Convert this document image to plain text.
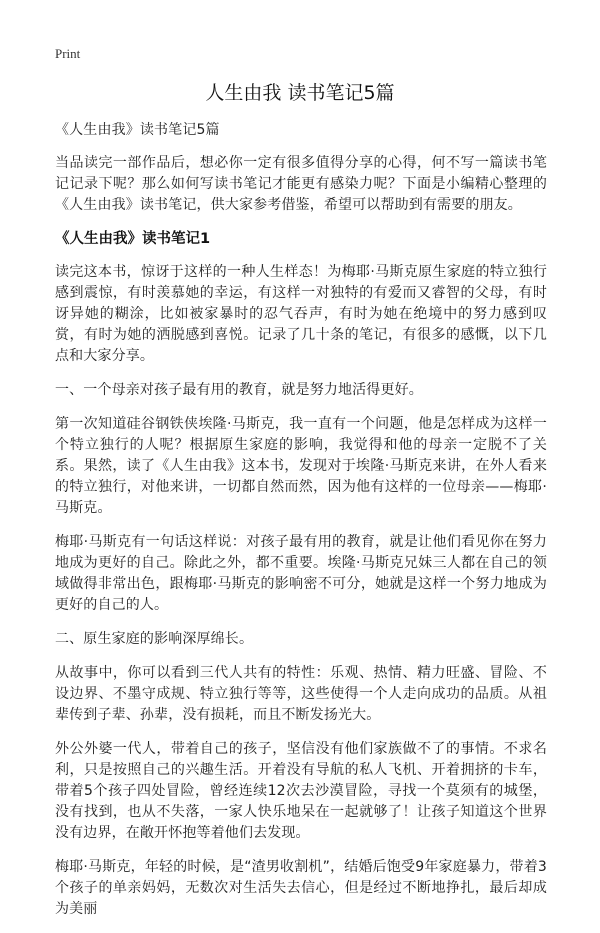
Print
人生由我 读书笔记5篇

《人生由我》读书笔记5篇

当品读完一部作品后，想必你一定有很多值得分享的心得，何不写一篇读书笔记记录下呢？那么如何写读书笔记才能更有感染力呢？下面是小编精心整理的《人生由我》读书笔记，供大家参考借鉴，希望可以帮助到有需要的朋友。

《人生由我》读书笔记1

读完这本书，惊讶于这样的一种人生样态！为梅耶·马斯克原生家庭的特立独行感到震惊，有时羡慕她的幸运，有这样一对独特的有爱而又睿智的父母，有时讶异她的糊涂，比如被家暴时的忍气吞声，有时为她在绝境中的努力感到叹赏，有时为她的洒脱感到喜悦。记录了几十条的笔记，有很多的感慨，以下几点和大家分享。

一、一个母亲对孩子最有用的教育，就是努力地活得更好。

第一次知道硅谷钢铁侠埃隆·马斯克，我一直有一个问题，他是怎样成为这样一个特立独行的人呢？根据原生家庭的影响，我觉得和他的母亲一定脱不了关系。果然，读了《人生由我》这本书，发现对于埃隆·马斯克来讲，在外人看来的特立独行，对他来讲，一切都自然而然，因为他有这样的一位母亲——梅耶·马斯克。

梅耶·马斯克有一句话这样说：对孩子最有用的教育，就是让他们看见你在努力地成为更好的自己。除此之外，都不重要。埃隆·马斯克兄妹三人都在自己的领域做得非常出色，跟梅耶·马斯克的影响密不可分，她就是这样一个努力地成为更好的自己的人。

二、原生家庭的影响深厚绵长。

从故事中，你可以看到三代人共有的特性：乐观、热情、精力旺盛、冒险、不设边界、不墨守成规、特立独行等等，这些使得一个人走向成功的品质。从祖辈传到子辈、孙辈，没有损耗，而且不断发扬光大。

外公外婆一代人，带着自己的孩子，坚信没有他们家族做不了的事情。不求名利，只是按照自己的兴趣生活。开着没有导航的私人飞机、开着拥挤的卡车，带着5个孩子四处冒险，曾经连续12次去沙漠冒险，寻找一个莫须有的城堡，没有找到，也从不失落，一家人快乐地呆在一起就够了！让孩子知道这个世界没有边界，在敞开怀抱等着他们去发现。

梅耶·马斯克，年轻的时候，是“渣男收割机”，结婚后饱受9年家庭暴力，带着3个孩子的单亲妈妈，无数次对生活失去信心，但是经过不断地挣扎，最后却成为美丽
